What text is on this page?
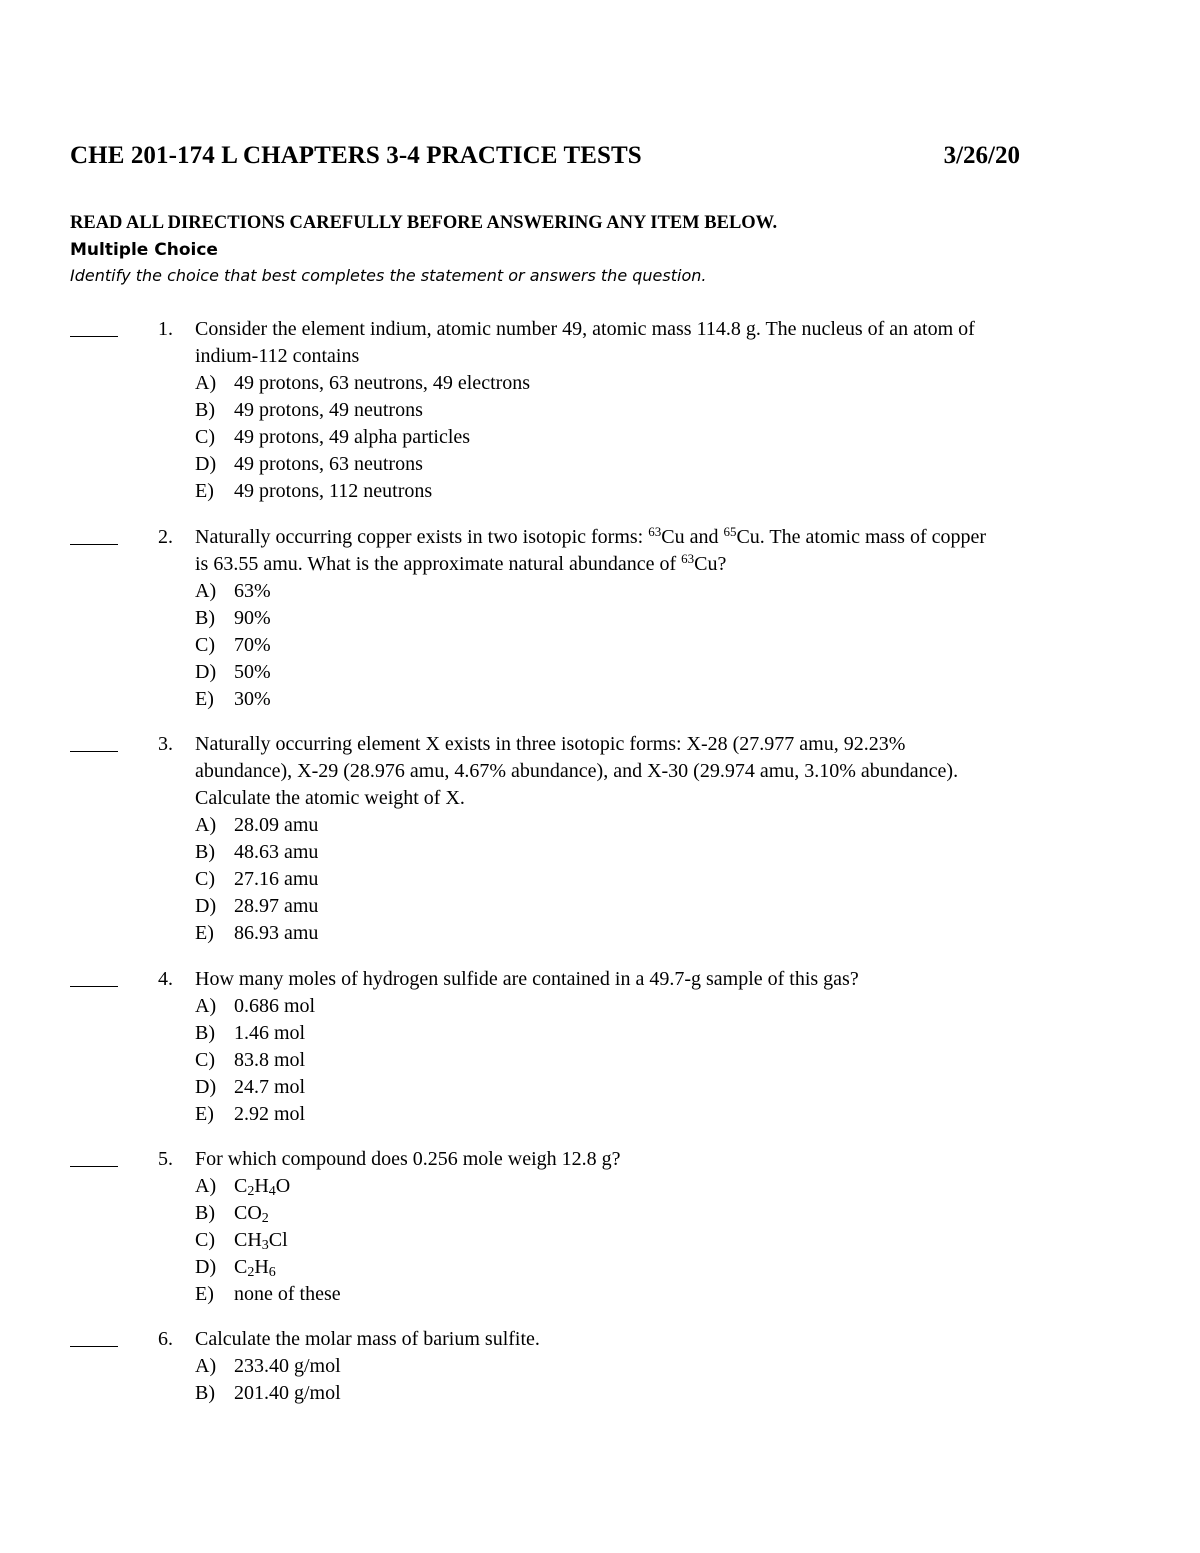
CHE 201-174 L CHAPTERS 3-4 PRACTICE TESTS	3/26/20
READ ALL DIRECTIONS CAREFULLY BEFORE ANSWERING ANY ITEM BELOW.
Multiple Choice
Identify the choice that best completes the statement or answers the question.
1. Consider the element indium, atomic number 49, atomic mass 114.8 g. The nucleus of an atom of
indium-112 contains
A) 49 protons, 63 neutrons, 49 electrons
B) 49 protons, 49 neutrons
C) 49 protons, 49 alpha particles
D) 49 protons, 63 neutrons
E) 49 protons, 112 neutrons
2. Naturally occurring copper exists in two isotopic forms: $^{63}$Cu and $^{65}$Cu. The atomic mass of copper
is 63.55 amu. What is the approximate natural abundance of $^{63}$Cu?
A) 63%
B) 90%
C) 70%
D) 50%
E) 30%
3. Naturally occurring element X exists in three isotopic forms: X-28 (27.977 amu, 92.23%
abundance), X-29 (28.976 amu, 4.67% abundance), and X-30 (29.974 amu, 3.10% abundance).
Calculate the atomic weight of X.
A) 28.09 amu
B) 48.63 amu
C) 27.16 amu
D) 28.97 amu
E) 86.93 amu
4. How many moles of hydrogen sulfide are contained in a 49.7-g sample of this gas?
A) 0.686 mol
B) 1.46 mol
C) 83.8 mol
D) 24.7 mol
E) 2.92 mol
5. For which compound does 0.256 mole weigh 12.8 g?
A) $C_2H_4O$
B) $CO_2$
C) $CH_3Cl$
D) $C_2H_6$
E) none of these
6. Calculate the molar mass of barium sulfite.
A) 233.40 g/mol
B) 201.40 g/mol
